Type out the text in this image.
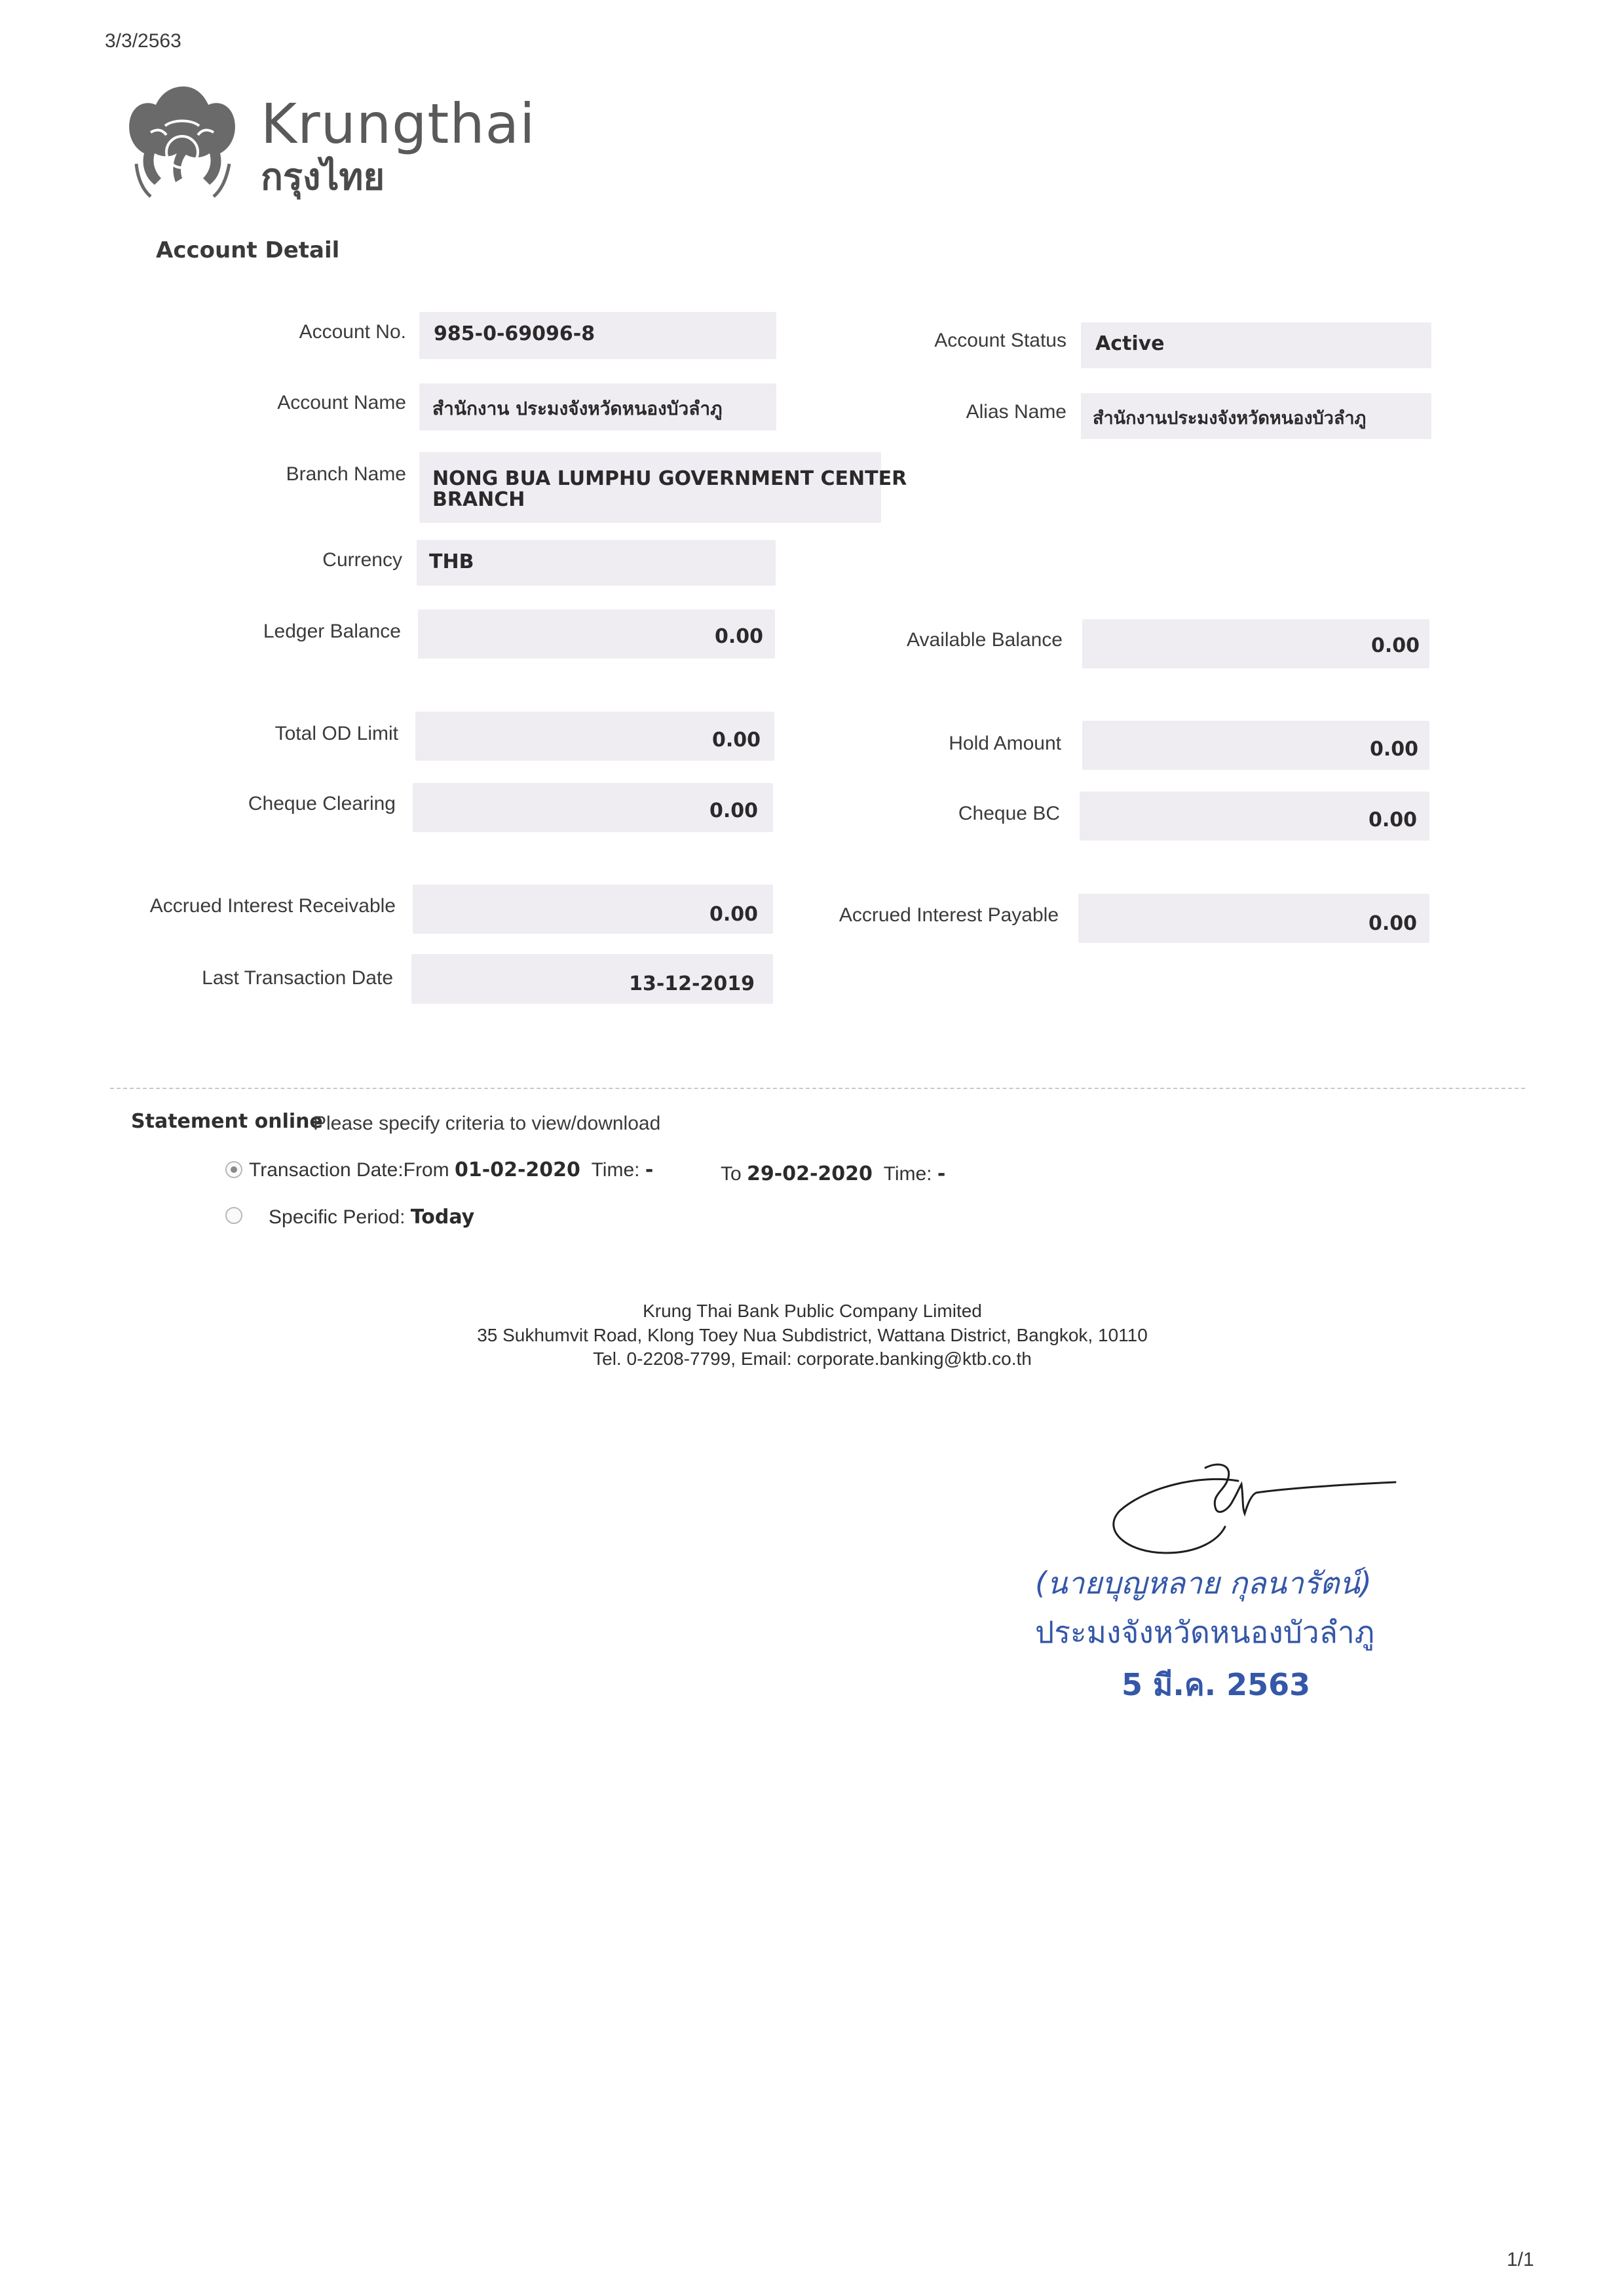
3/3/2563
Krungthai
กรุงไทย
Account Detail
Account No. 985-0-69096-8	Account Status Active
Account Name สำนักงาน ประมงจังหวัดหนองบัวลำภู	Alias Name สำนักงานประมงจังหวัดหนองบัวลำภู
Branch Name NONG BUA LUMPHU GOVERNMENT CENTER
BRANCH
Currency THB
Ledger Balance	0.00	Available Balance	0.00
Total OD Limit	0.00	Hold Amount	0.00
Cheque Clearing	0.00	Cheque BC	0.00
Accrued Interest Receivable	0.00	Accrued Interest Payable	0.00
Last Transaction Date	13-12-2019
Statement online
Please specify criteria to view/download
Transaction Date:From 01-02-2020 Time: -	To 29-02-2020 Time: -
Specific Period: Today
Krung Thai Bank Public Company Limited
35 Sukhumvit Road, Klong Toey Nua Subdistrict, Wattana District, Bangkok, 10110
Tel. 0-2208-7799, Email: corporate.banking@ktb.co.th
(นายบุญหลาย กุลนารัตน์)
ประมงจังหวัดหนองบัวลำภู
5 มี.ค. 2563
1/1
